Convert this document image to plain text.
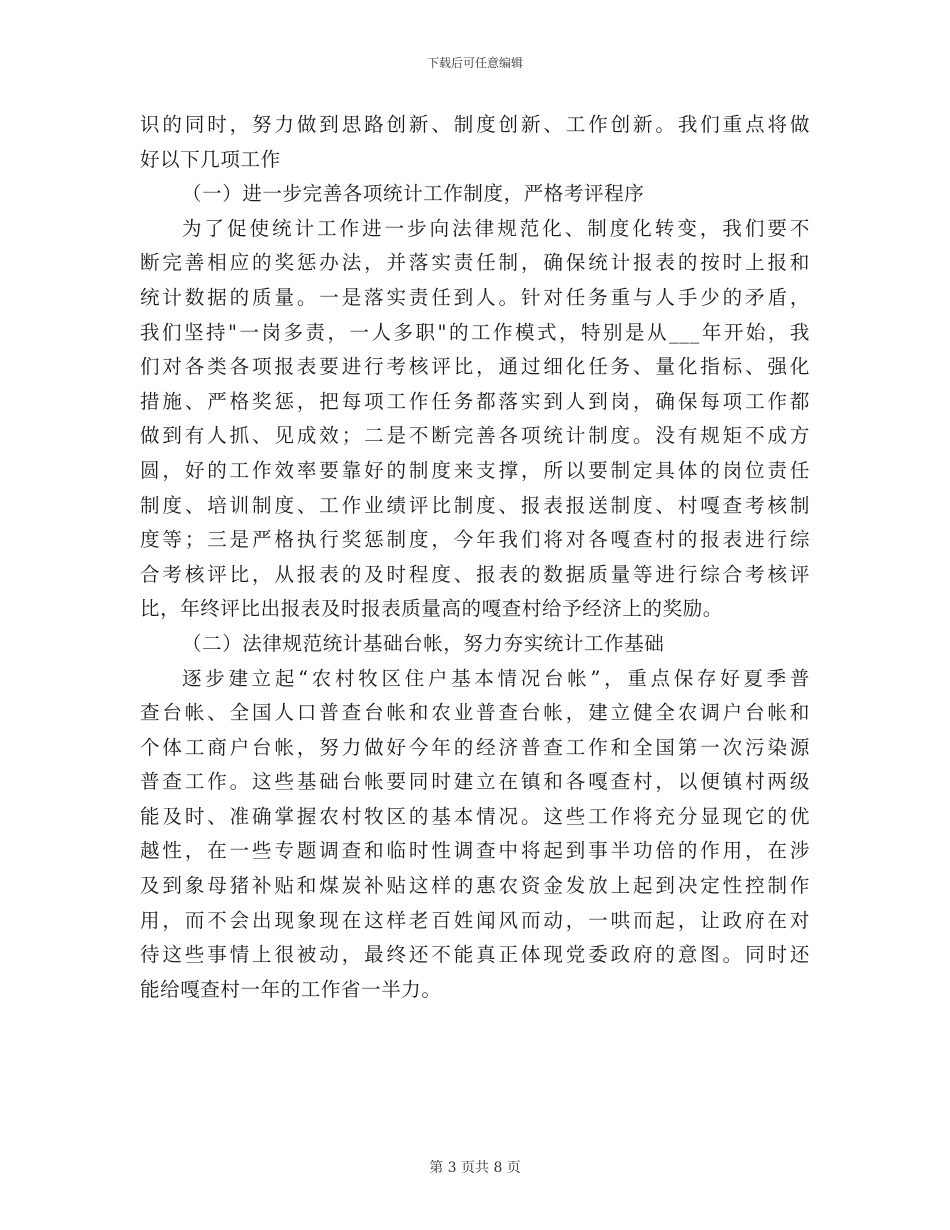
下载后可任意编辑
识的同时，努力做到思路创新、制度创新、工作创新。我们重点将做
好以下几项工作
（一）进一步完善各项统计工作制度，严格考评程序
为了促使统计工作进一步向法律规范化、制度化转变，我们要不
断完善相应的奖惩办法，并落实责任制，确保统计报表的按时上报和
统计数据的质量。一是落实责任到人。针对任务重与人手少的矛盾，
我们坚持"一岗多责，一人多职"的工作模式，特别是从___年开始，我
们对各类各项报表要进行考核评比，通过细化任务、量化指标、强化
措施、严格奖惩，把每项工作任务都落实到人到岗，确保每项工作都
做到有人抓、见成效；二是不断完善各项统计制度。没有规矩不成方
圆，好的工作效率要靠好的制度来支撑，所以要制定具体的岗位责任
制度、培训制度、工作业绩评比制度、报表报送制度、村嘎查考核制
度等；三是严格执行奖惩制度，今年我们将对各嘎查村的报表进行综
合考核评比，从报表的及时程度、报表的数据质量等进行综合考核评
比，年终评比出报表及时报表质量高的嘎查村给予经济上的奖励。
（二）法律规范统计基础台帐，努力夯实统计工作基础
逐步建立起“农村牧区住户基本情况台帐”，重点保存好夏季普
查台帐、全国人口普查台帐和农业普查台帐，建立健全农调户台帐和
个体工商户台帐，努力做好今年的经济普查工作和全国第一次污染源
普查工作。这些基础台帐要同时建立在镇和各嘎查村，以便镇村两级
能及时、准确掌握农村牧区的基本情况。这些工作将充分显现它的优
越性，在一些专题调查和临时性调查中将起到事半功倍的作用，在涉
及到象母猪补贴和煤炭补贴这样的惠农资金发放上起到决定性控制作
用，而不会出现象现在这样老百姓闻风而动，一哄而起，让政府在对
待这些事情上很被动，最终还不能真正体现党委政府的意图。同时还
能给嘎查村一年的工作省一半力。
第 3 页共 8 页
